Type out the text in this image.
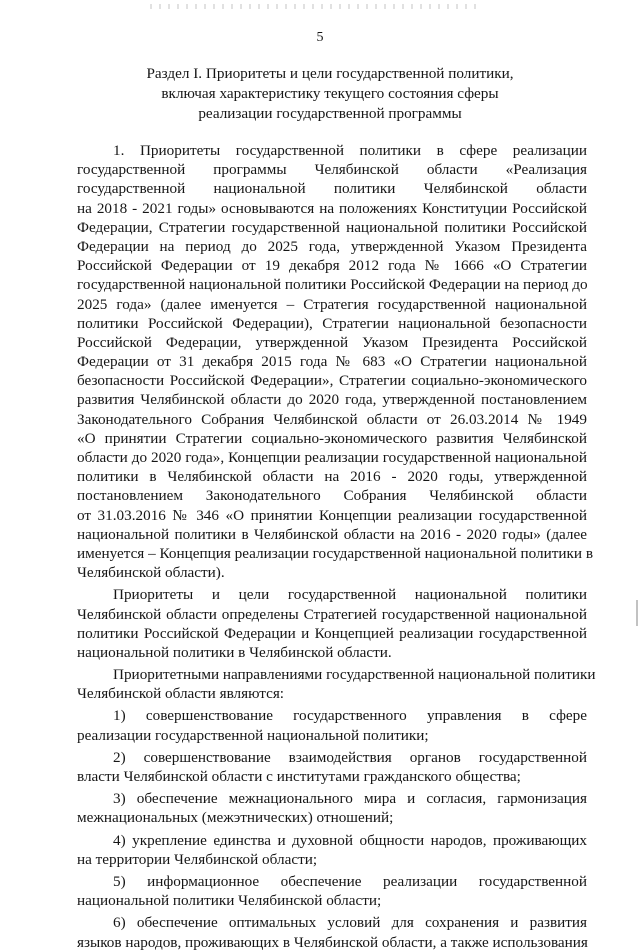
5
Раздел I. Приоритеты и цели государственной политики,
включая характеристику текущего состояния сферы
реализации государственной программы
1. Приоритеты государственной политики в сфере реализации
государственной программы Челябинской области «Реализация
государственной национальной политики Челябинской области
на 2018 - 2021 годы» основываются на положениях Конституции Российской
Федерации, Стратегии государственной национальной политики Российской
Федерации на период до 2025 года, утвержденной Указом Президента
Российской Федерации от 19 декабря 2012 года № 1666 «О Стратегии
государственной национальной политики Российской Федерации на период до
2025 года» (далее именуется – Стратегия государственной национальной
политики Российской Федерации), Стратегии национальной безопасности
Российской Федерации, утвержденной Указом Президента Российской
Федерации от 31 декабря 2015 года № 683 «О Стратегии национальной
безопасности Российской Федерации», Стратегии социально-экономического
развития Челябинской области до 2020 года, утвержденной постановлением
Законодательного Собрания Челябинской области от 26.03.2014 № 1949
«О принятии Стратегии социально-экономического развития Челябинской
области до 2020 года», Концепции реализации государственной национальной
политики в Челябинской области на 2016 - 2020 годы, утвержденной
постановлением Законодательного Собрания Челябинской области
от 31.03.2016 № 346 «О принятии Концепции реализации государственной
национальной политики в Челябинской области на 2016 - 2020 годы» (далее
именуется – Концепция реализации государственной национальной политики в
Челябинской области).
Приоритеты и цели государственной национальной политики
Челябинской области определены Стратегией государственной национальной
политики Российской Федерации и Концепцией реализации государственной
национальной политики в Челябинской области.
Приоритетными направлениями государственной национальной политики
Челябинской области являются:
1) совершенствование государственного управления в сфере
реализации государственной национальной политики;
2) совершенствование взаимодействия органов государственной
власти Челябинской области с институтами гражданского общества;
3) обеспечение межнационального мира и согласия, гармонизация
межнациональных (межэтнических) отношений;
4) укрепление единства и духовной общности народов, проживающих
на территории Челябинской области;
5) информационное обеспечение реализации государственной
национальной политики Челябинской области;
6) обеспечение оптимальных условий для сохранения и развития
языков народов, проживающих в Челябинской области, а также использования
